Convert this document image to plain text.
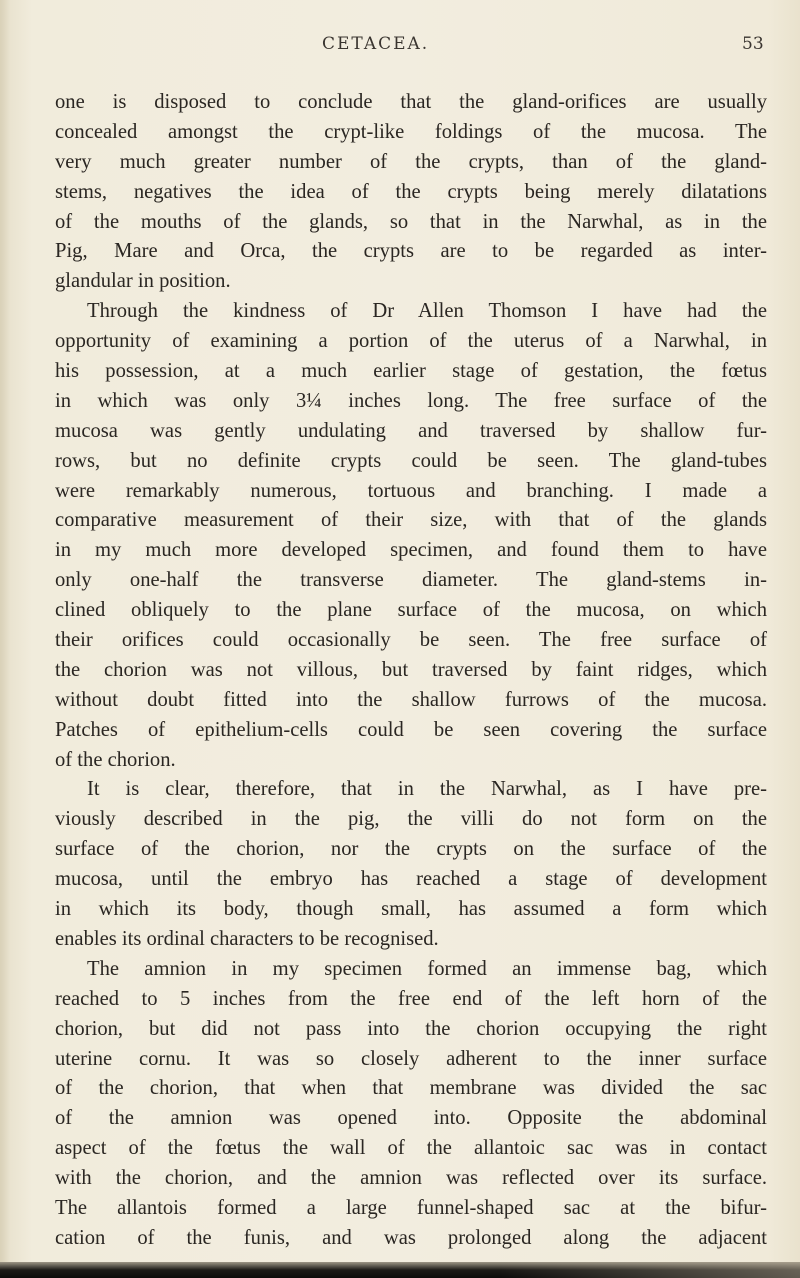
CETACEA.	53
one is disposed to conclude that the gland-orifices are usually
concealed amongst the crypt-like foldings of the mucosa. The
very much greater number of the crypts, than of the gland-
stems, negatives the idea of the crypts being merely dilatations
of the mouths of the glands, so that in the Narwhal, as in the
Pig, Mare and Orca, the crypts are to be regarded as inter-
glandular in position.
Through the kindness of Dr Allen Thomson I have had the
opportunity of examining a portion of the uterus of a Narwhal, in
his possession, at a much earlier stage of gestation, the fœtus
in which was only 3¼ inches long. The free surface of the
mucosa was gently undulating and traversed by shallow fur-
rows, but no definite crypts could be seen. The gland-tubes
were remarkably numerous, tortuous and branching. I made a
comparative measurement of their size, with that of the glands
in my much more developed specimen, and found them to have
only one-half the transverse diameter. The gland-stems in-
clined obliquely to the plane surface of the mucosa, on which
their orifices could occasionally be seen. The free surface of
the chorion was not villous, but traversed by faint ridges, which
without doubt fitted into the shallow furrows of the mucosa.
Patches of epithelium-cells could be seen covering the surface
of the chorion.
It is clear, therefore, that in the Narwhal, as I have pre-
viously described in the pig, the villi do not form on the
surface of the chorion, nor the crypts on the surface of the
mucosa, until the embryo has reached a stage of development
in which its body, though small, has assumed a form which
enables its ordinal characters to be recognised.
The amnion in my specimen formed an immense bag, which
reached to 5 inches from the free end of the left horn of the
chorion, but did not pass into the chorion occupying the right
uterine cornu. It was so closely adherent to the inner surface
of the chorion, that when that membrane was divided the sac
of the amnion was opened into. Opposite the abdominal
aspect of the fœtus the wall of the allantoic sac was in contact
with the chorion, and the amnion was reflected over its surface.
The allantois formed a large funnel-shaped sac at the bifur-
cation of the funis, and was prolonged along the adjacent
